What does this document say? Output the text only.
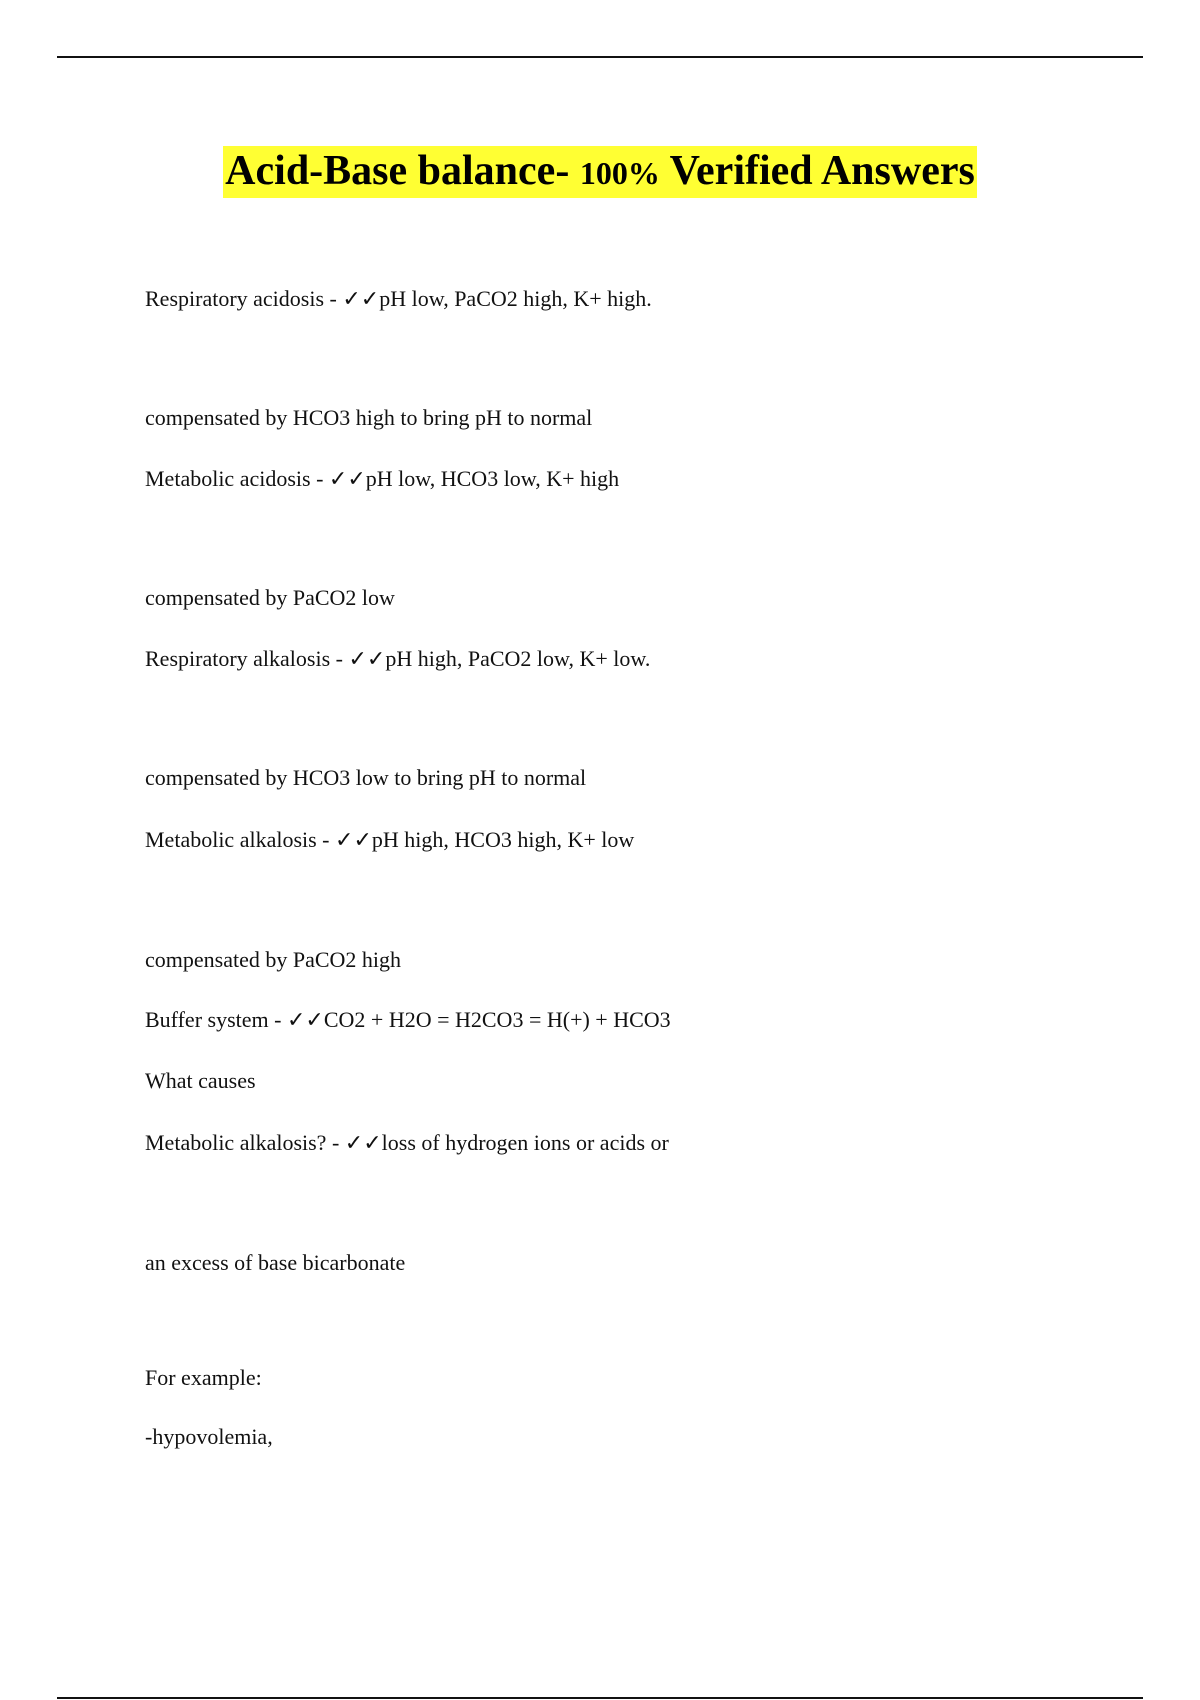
Acid-Base balance- 100% Verified Answers
Respiratory acidosis - ✓✓pH low, PaCO2 high, K+ high.
compensated by HCO3 high to bring pH to normal
Metabolic acidosis - ✓✓pH low, HCO3 low, K+ high
compensated by PaCO2 low
Respiratory alkalosis - ✓✓pH high, PaCO2 low, K+ low.
compensated by HCO3 low to bring pH to normal
Metabolic alkalosis - ✓✓pH high, HCO3 high, K+ low
compensated by PaCO2 high
Buffer system - ✓✓CO2 + H2O = H2CO3 = H(+) + HCO3
What causes
Metabolic alkalosis? - ✓✓loss of hydrogen ions or acids or
an excess of base bicarbonate
For example:
-hypovolemia,
